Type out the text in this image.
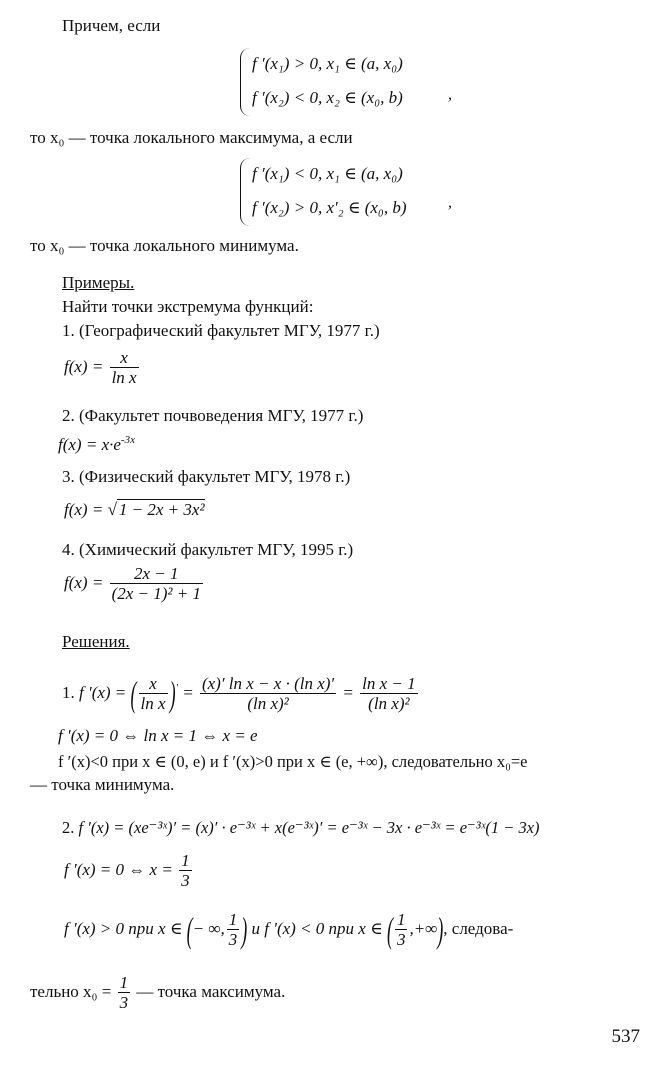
Причем, если
f ′(x₁) > 0, x₁ ∈ (a, x₀)
f ′(x₂) < 0, x₂ ∈ (x₀, b)	,
то x₀ — точка локального максимума, а если
f ′(x₁) < 0, x₁ ∈ (a, x₀)
f ′(x₂) > 0, x′₂ ∈ (x₀, b)	,
то x₀ — точка локального минимума.
Примеры.
Найти точки экстремума функций:
1. (Географический факультет МГУ, 1977 г.)
$f(x) = \frac{x}{\text{ln x}}$
2. (Факультет почвоведения МГУ, 1977 г.)
$f(x) = x\cdot e^{-3x}$
3. (Физический факультет МГУ, 1978 г.)
f(x) = √ 1 − 2x + 3x²
4. (Химический факультет МГУ, 1995 г.)
$f(x) = \frac{2x - 1}{\text{(2x − 1)² + 1}}$
Решения.
1. f ′(x) = ( $\frac{x}{\text{ln x}} )' = \frac{\text{(x)′ ln x − x · (ln x)′}}{\text{(ln x)²}} = \frac{\text{ln x − 1}}{\text{(ln x)²}}$
f ′(x) = 0 ⇔ ln x = 1 ⇔ x = e
f ′(x)<0 при x ∈ (0, e) и f ′(x)>0 при x ∈ (e, +∞), следовательно x₀=e
— точка минимума.
2. f ′(x) = (xe⁻³ˣ)′ = (x)′ · e⁻³ˣ + x(e⁻³ˣ)′ = e⁻³ˣ − 3x · e⁻³ˣ = e⁻³ˣ(1 − 3x)
f ′(x) = 0 ⇔ $x = \frac{1}{3}$
f ′(x) > 0 при x ∈ (− ∞, $\frac{1}{3}$ ) и f ′(x) < 0 при x ∈ ( $\frac{1}{3}$ ,+∞), следова-
тельно $x_0 = \frac{1}{3}$ — точка максимума.
537
